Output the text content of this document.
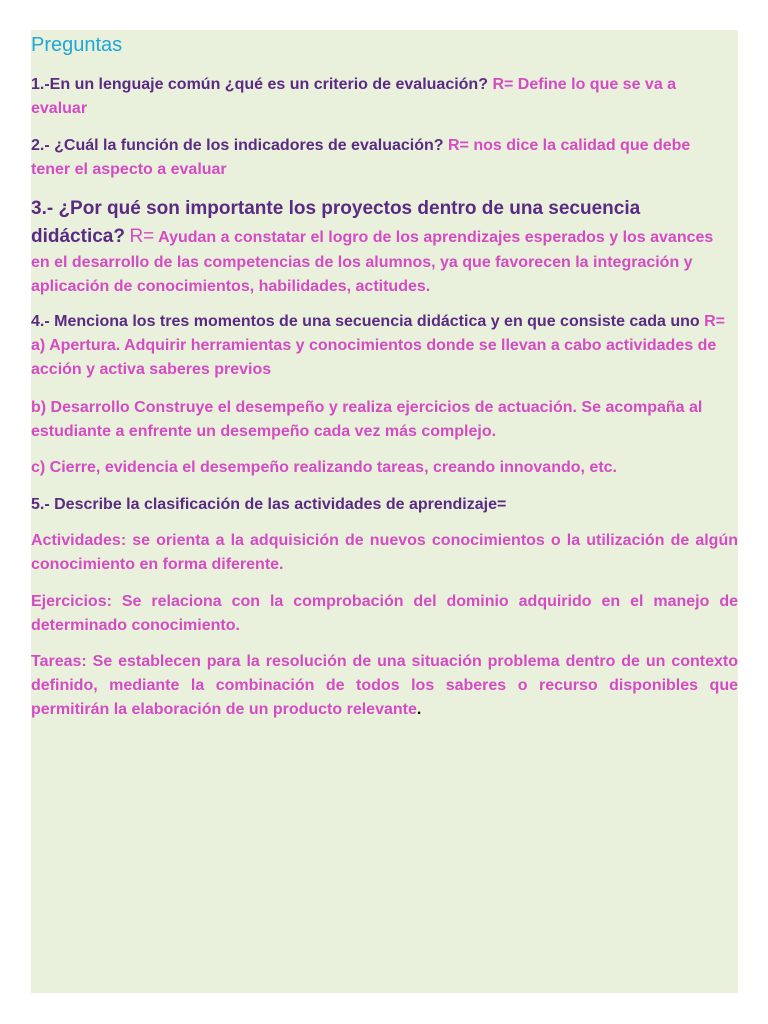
Preguntas
1.-En un lenguaje común ¿qué es un criterio de evaluación? R= Define lo que se va a evaluar
2.- ¿Cuál la función de los indicadores de evaluación? R= nos dice la calidad que debe tener el aspecto a evaluar
3.- ¿Por qué son importante los proyectos dentro de una secuencia didáctica? R= Ayudan a constatar el logro de los aprendizajes esperados y los avances en el desarrollo de las competencias de los alumnos, ya que favorecen la integración y aplicación de conocimientos, habilidades, actitudes.
4.- Menciona los tres momentos de una secuencia didáctica y en que consiste cada uno R= a) Apertura. Adquirir herramientas y conocimientos donde se llevan a cabo actividades de acción y activa saberes previos
b) Desarrollo Construye el desempeño y realiza ejercicios de actuación. Se acompaña al estudiante a enfrente un desempeño cada vez más complejo.
c) Cierre, evidencia el desempeño realizando tareas, creando innovando, etc.
5.- Describe la clasificación de las actividades de aprendizaje=
Actividades: se orienta a la adquisición de nuevos conocimientos o la utilización de algún conocimiento en forma diferente.
Ejercicios: Se relaciona con la comprobación del dominio adquirido en el manejo de determinado conocimiento.
Tareas: Se establecen para la resolución de una situación problema dentro de un contexto definido, mediante la combinación de todos los saberes o recurso disponibles que permitirán la elaboración de un producto relevante.
